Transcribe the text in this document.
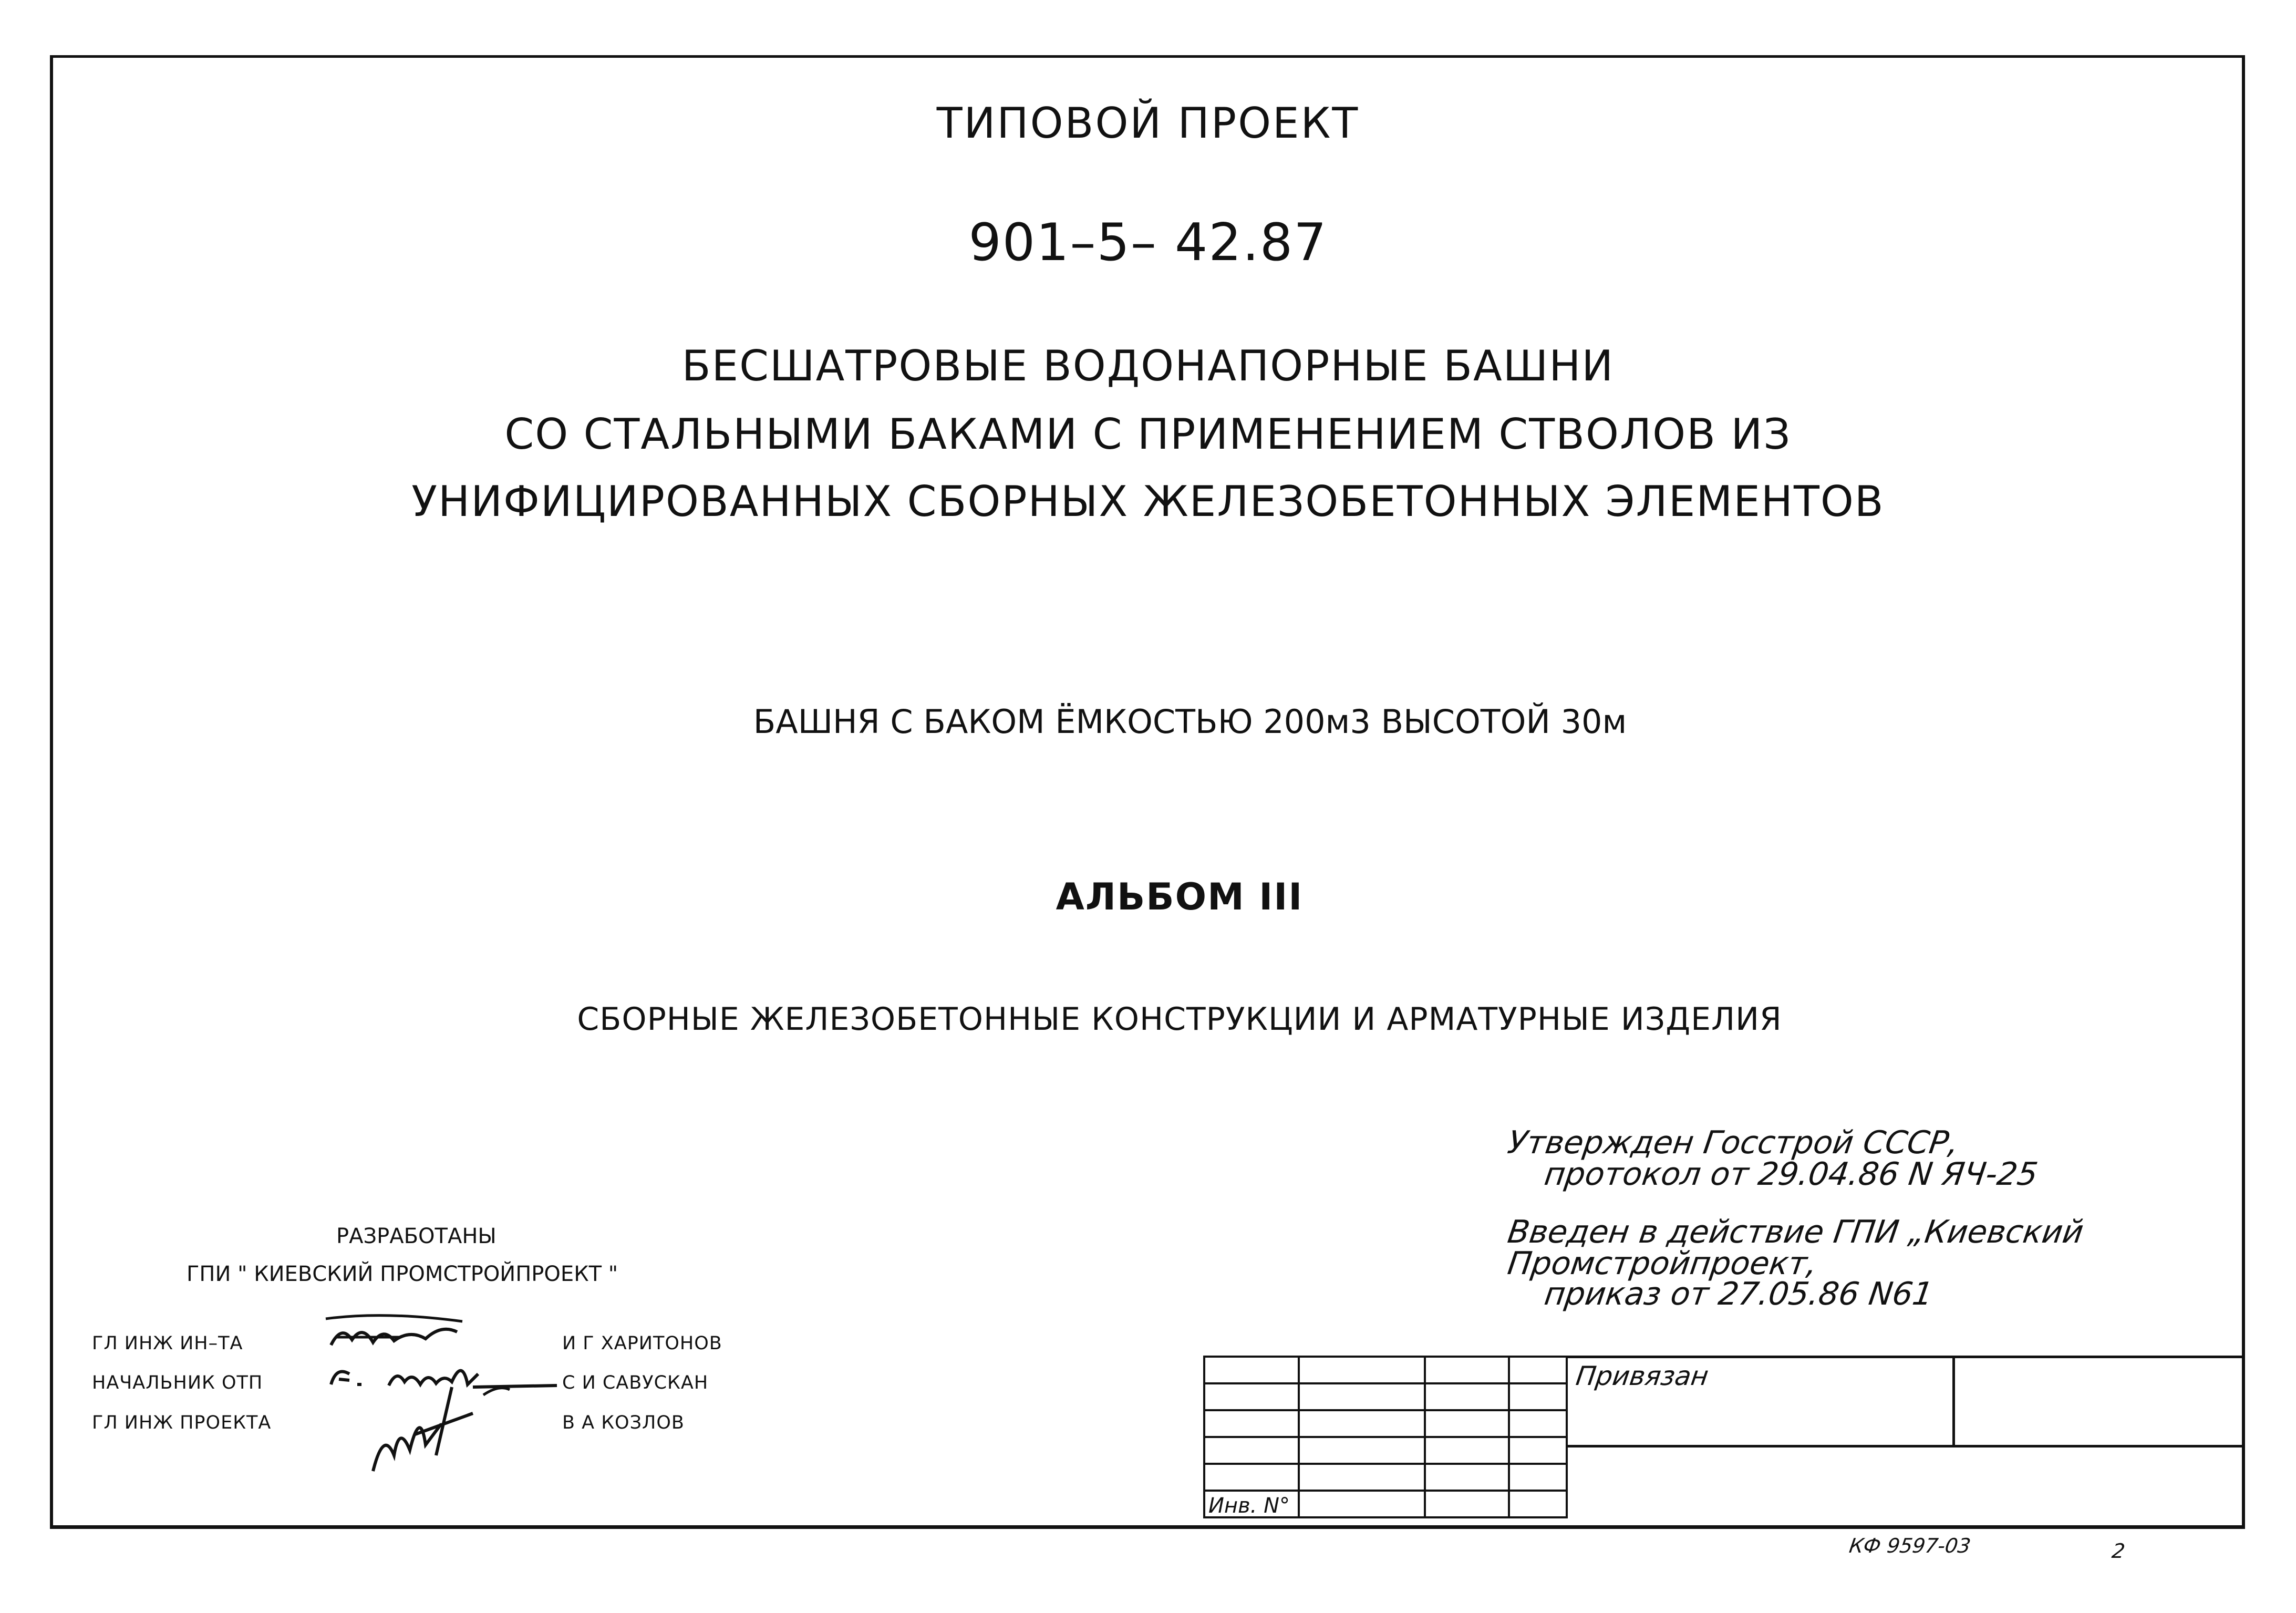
ТИПОВОЙ ПРОЕКТ
901–5– 42.87
БЕСШАТРОВЫЕ ВОДОНАПОРНЫЕ БАШНИ
СО СТАЛЬНЫМИ БАКАМИ С ПРИМЕНЕНИЕМ СТВОЛОВ ИЗ
УНИФИЦИРОВАННЫХ СБОРНЫХ ЖЕЛЕЗОБЕТОННЫХ ЭЛЕМЕНТОВ
БАШНЯ С БАКОМ ЁМКОСТЬЮ 200м3 ВЫСОТОЙ 30м
АЛЬБОМ III
СБОРНЫЕ ЖЕЛЕЗОБЕТОННЫЕ КОНСТРУКЦИИ И АРМАТУРНЫЕ ИЗДЕЛИЯ
Утвержден Госстрой СССР,
протокол от 29.04.86 N ЯЧ-25
Введен в действие ГПИ „Киевский
Промстройпроект,
приказ от 27.05.86 N61
РАЗРАБОТАНЫ
ГПИ " КИЕВСКИЙ ПРОМСТРОЙПРОЕКТ "
ГЛ ИНЖ ИН–ТА	И Г ХАРИТОНОВ
НАЧАЛЬНИК ОТП	С И САВУСКАН
ГЛ ИНЖ ПРОЕКТА	В А КОЗЛОВ

Инв. N°			

Привязан
КФ 9597-03	2
